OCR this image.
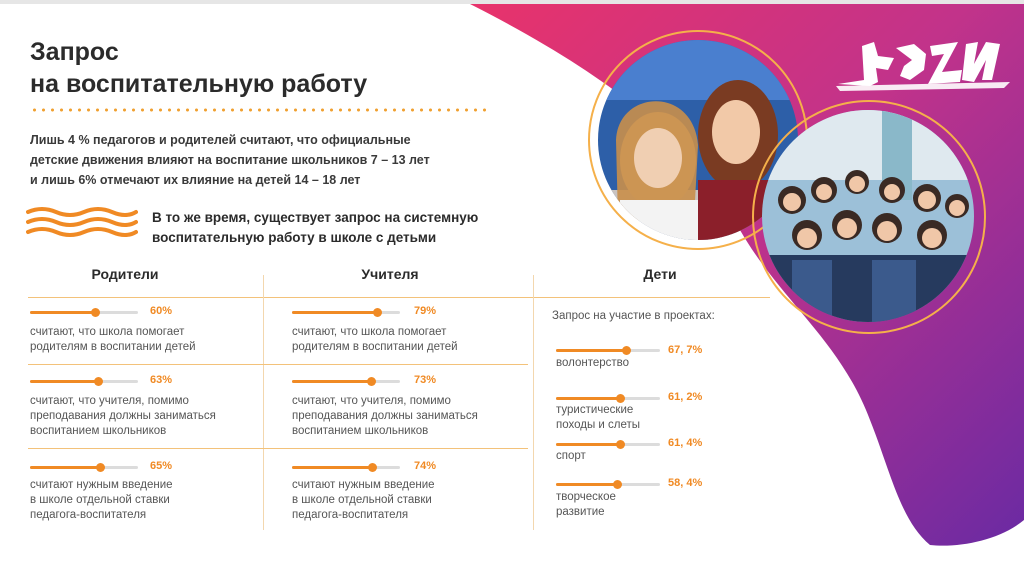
Запрос
на воспитательную работу
Лишь 4 % педагогов и родителей считают, что официальные
детские движения влияют на воспитание школьников 7 – 13 лет
и лишь 6% отмечают их влияние на детей 14 – 18 лет
В то же время, существует запрос на системную
воспитательную работу в школе с детьми
Родители	Учителя	Дети
60%
считают, что школа помогает
родителям в воспитании детей
63%
считают, что учителя, помимо
преподавания должны заниматься
воспитанием школьников
65%
считают нужным введение
в школе отдельной ставки
педагога-воспитателя
79%
считают, что школа помогает
родителям в воспитании детей
73%
считают, что учителя, помимо
преподавания должны заниматься
воспитанием школьников
74%
считают нужным введение
в школе отдельной ставки
педагога-воспитателя
Запрос на участие в проектах:
67, 7%
волонтерство
61, 2%
туристические
походы и слеты
61, 4%
спорт
58, 4%
творческое
развитие
